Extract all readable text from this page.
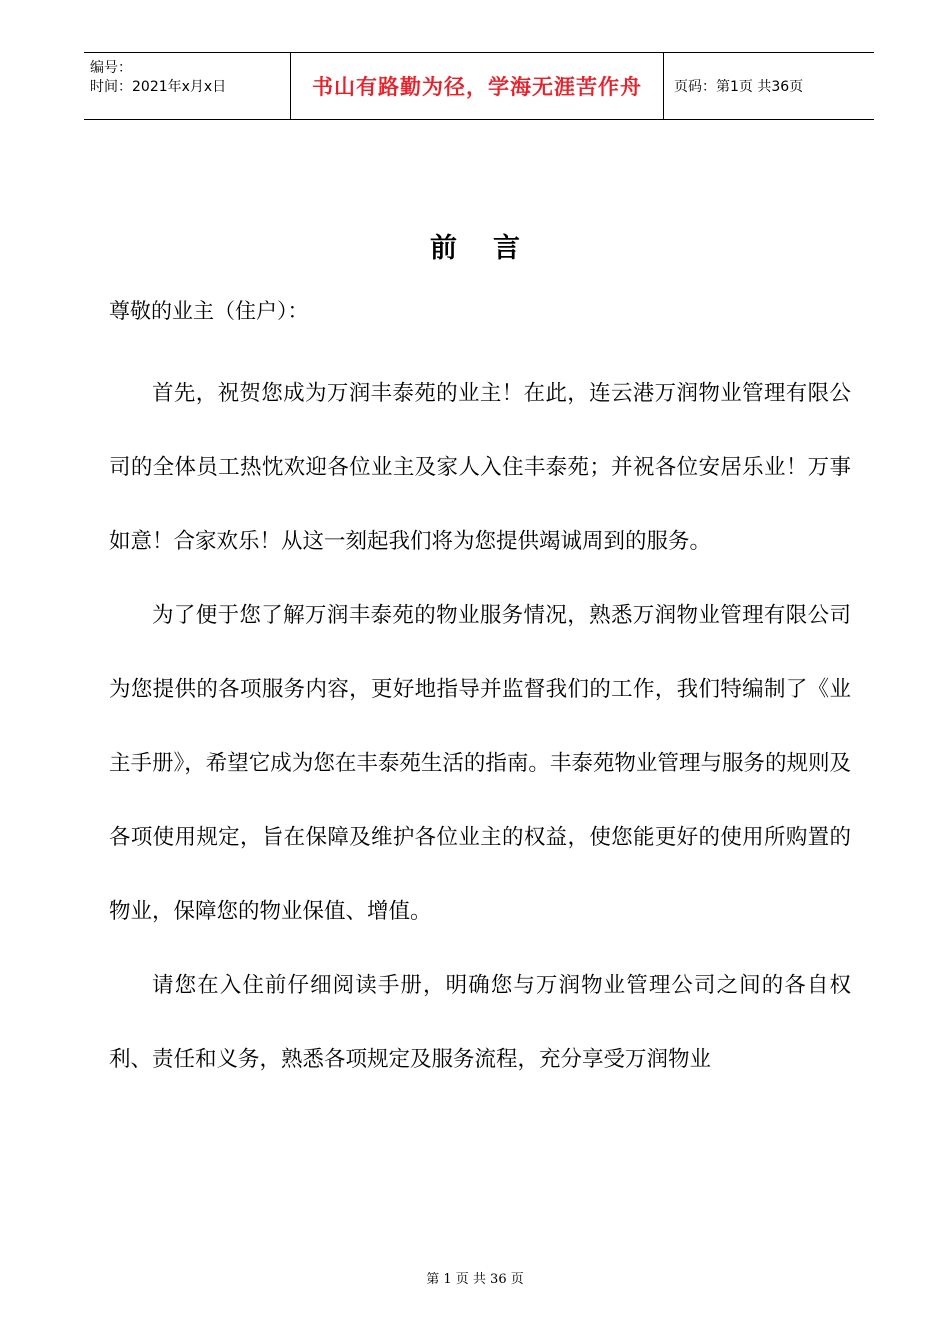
编号：
时间：2021年x月x日	书山有路勤为径，学海无涯苦作舟	页码：第1页 共36页
前言
尊敬的业主（住户）：

首先，祝贺您成为万润丰泰苑的业主！在此，连云港万润物业管理有限公司的全体员工热忱欢迎各位业主及家人入住丰泰苑；并祝各位安居乐业！万事如意！合家欢乐！从这一刻起我们将为您提供竭诚周到的服务。

为了便于您了解万润丰泰苑的物业服务情况，熟悉万润物业管理有限公司为您提供的各项服务内容，更好地指导并监督我们的工作，我们特编制了《业主手册》，希望它成为您在丰泰苑生活的指南。丰泰苑物业管理与服务的规则及各项使用规定，旨在保障及维护各位业主的权益，使您能更好的使用所购置的物业，保障您的物业保值、增值。

请您在入住前仔细阅读手册，明确您与万润物业管理公司之间的各自权利、责任和义务，熟悉各项规定及服务流程，充分享受万润物业

第 1 页 共 36 页
